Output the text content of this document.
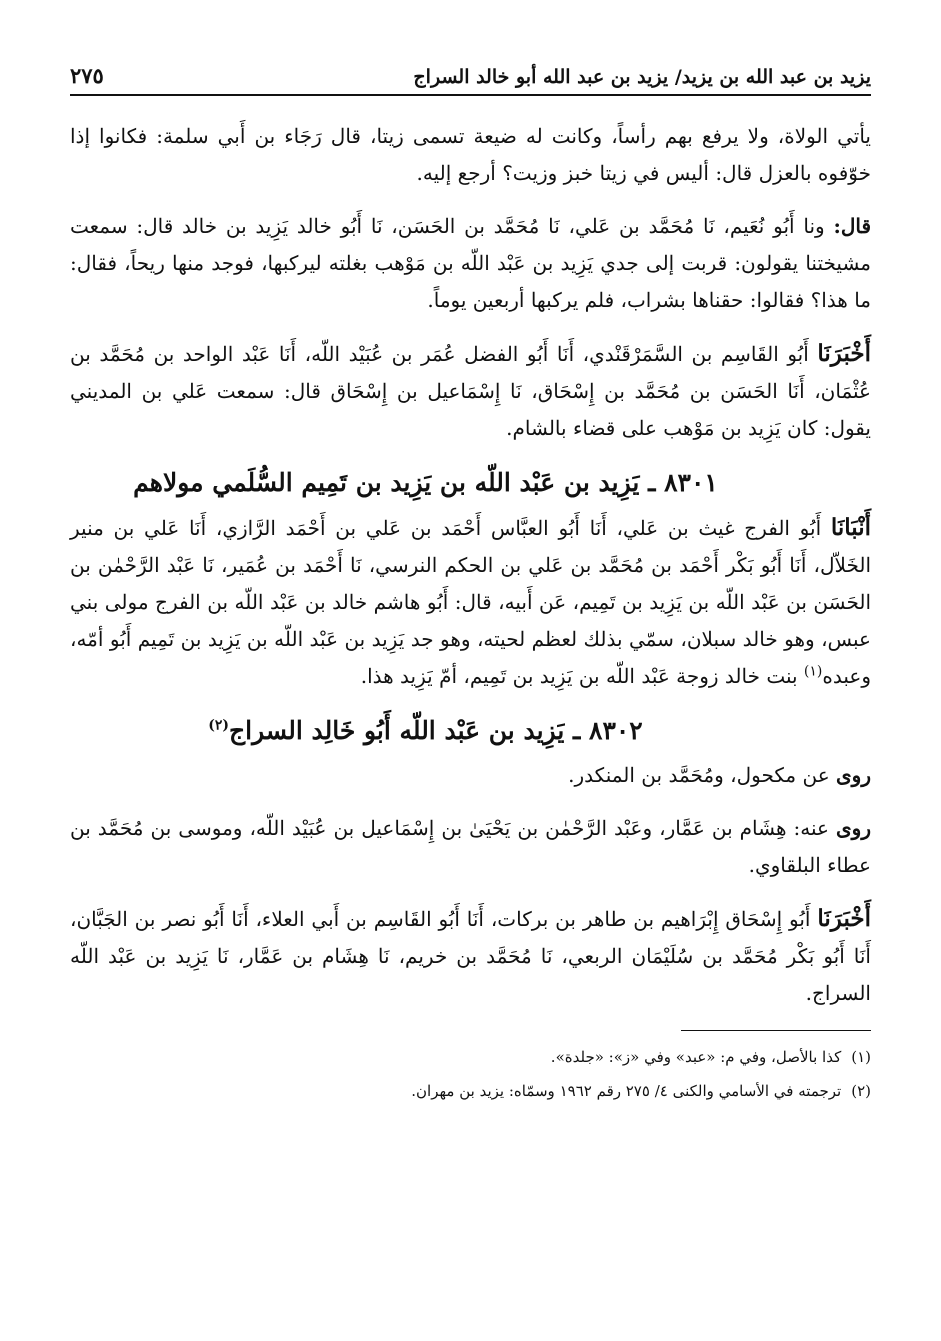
يزيد بن عبد الله بن يزيد/ يزيد بن عبد الله أبو خالد السراج
٢٧٥

يأتي الولاة، ولا يرفع بهم رأساً، وكانت له ضيعة تسمى زيتا، قال رَجَاء بن أَبي سلمة: فكانوا إذا خوّفوه بالعزل قال: أليس في زيتا خبز وزيت؟ أرجع إليه.

قال: ونا أَبُو نُعَيم، نَا مُحَمَّد بن عَلي، نَا مُحَمَّد بن الحَسَن، نَا أَبُو خالد يَزِيد بن خالد قال: سمعت مشيختنا يقولون: قربت إلى جدي يَزِيد بن عَبْد اللّه بن مَوْهب بغلته ليركبها، فوجد منها ريحاً، فقال: ما هذا؟ فقالوا: حقناها بشراب، فلم يركبها أربعين يوماً.

أَخْبَرَنَا أَبُو القَاسِم بن السَّمَرْقَنْدي، أَنَا أَبُو الفضل عُمَر بن عُبَيْد اللّه، أَنَا عَبْد الواحد بن مُحَمَّد بن عُثْمَان، أَنَا الحَسَن بن مُحَمَّد بن إِسْحَاق، نَا إِسْمَاعيل بن إِسْحَاق قال: سمعت عَلي بن المديني يقول: كان يَزِيد بن مَوْهب على قضاء بالشام.

٨٣٠١ ـ يَزِيد بن عَبْد اللّه بن يَزِيد بن تَمِيم السُّلَمي مولاهم

أَنْبَانَا أَبُو الفرج غيث بن عَلي، أَنَا أَبُو العبَّاس أَحْمَد بن عَلي بن أَحْمَد الرَّازي، أَنَا عَلي بن منير الخَلاّل، أَنَا أَبُو بَكْر أَحْمَد بن مُحَمَّد بن عَلي بن الحكم النرسي، نَا أَحْمَد بن عُمَير، نَا عَبْد الرَّحْمٰن بن الحَسَن بن عَبْد اللّه بن يَزِيد بن تَمِيم، عَن أَبيه، قال: أَبُو هاشم خالد بن عَبْد اللّه بن الفرج مولى بني عبس، وهو خالد سبلان، سمّي بذلك لعظم لحيته، وهو جد يَزِيد بن عَبْد اللّه بن يَزِيد بن تَمِيم أَبُو أمّه، وعبده$^{(١)}$ بنت خالد زوجة عَبْد اللّه بن يَزِيد بن تَمِيم، أمّ يَزِيد هذا.

٨٣٠٢ ـ يَزِيد بن عَبْد اللّه أَبُو خَالِد السراج$^{(٢)}$

روى عن مكحول، ومُحَمَّد بن المنكدر.

روى عنه: هِشَام بن عَمَّار، وعَبْد الرَّحْمٰن بن يَحْيَىٰ بن إِسْمَاعيل بن عُبَيْد اللّه، وموسى بن مُحَمَّد بن عطاء البلقاوي.

أَخْبَرَنَا أَبُو إِسْحَاق إِبْرَاهيم بن طاهر بن بركات، أَنَا أَبُو القَاسِم بن أَبي العلاء، أَنَا أَبُو نصر بن الجَبَّان، أَنَا أَبُو بَكْر مُحَمَّد بن سُلَيْمَان الربعي، نَا مُحَمَّد بن خريم، نَا هِشَام بن عَمَّار، نَا يَزِيد بن عَبْد اللّه السراج.

(١)كذا بالأصل، وفي م: «عبد» وفي «ز»: «جلدة».
(٢)ترجمته في الأسامي والكنى ٤/ ٢٧٥ رقم ١٩٦٢ وسمّاه: يزيد بن مهران.
